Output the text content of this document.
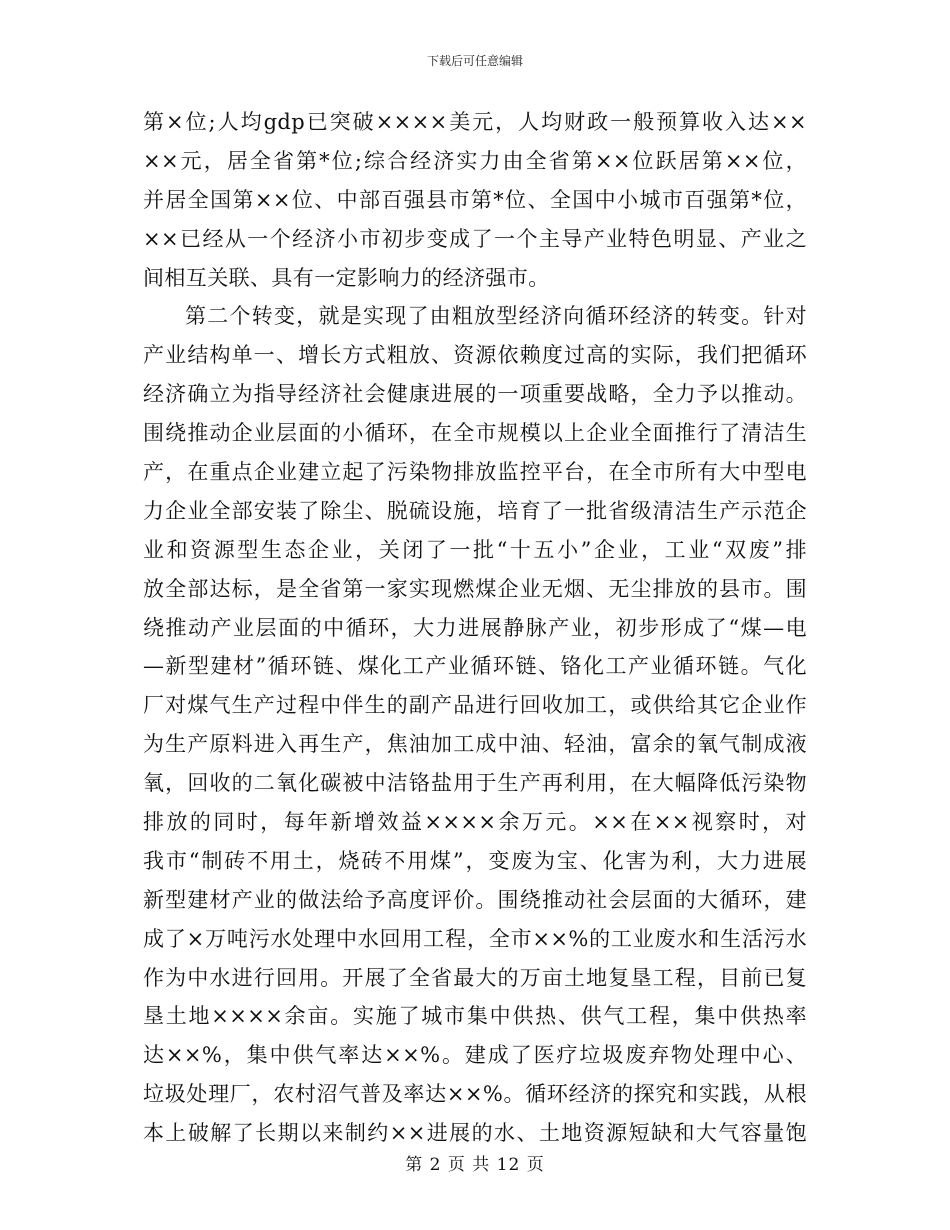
下载后可任意编辑
第×位;人均gdp已突破××××美元，人均财政一般预算收入达××
××元，居全省第*位;综合经济实力由全省第××位跃居第××位，
并居全国第××位、中部百强县市第*位、全国中小城市百强第*位，
××已经从一个经济小市初步变成了一个主导产业特色明显、产业之
间相互关联、具有一定影响力的经济强市。
第二个转变，就是实现了由粗放型经济向循环经济的转变。针对
产业结构单一、增长方式粗放、资源依赖度过高的实际，我们把循环
经济确立为指导经济社会健康进展的一项重要战略，全力予以推动。
围绕推动企业层面的小循环，在全市规模以上企业全面推行了清洁生
产，在重点企业建立起了污染物排放监控平台，在全市所有大中型电
力企业全部安装了除尘、脱硫设施，培育了一批省级清洁生产示范企
业和资源型生态企业，关闭了一批“十五小”企业，工业“双废”排
放全部达标，是全省第一家实现燃煤企业无烟、无尘排放的县市。围
绕推动产业层面的中循环，大力进展静脉产业，初步形成了“煤—电
—新型建材”循环链、煤化工产业循环链、铬化工产业循环链。气化
厂对煤气生产过程中伴生的副产品进行回收加工，或供给其它企业作
为生产原料进入再生产，焦油加工成中油、轻油，富余的氧气制成液
氧，回收的二氧化碳被中洁铬盐用于生产再利用，在大幅降低污染物
排放的同时，每年新增效益××××余万元。××在××视察时，对
我市“制砖不用土，烧砖不用煤”，变废为宝、化害为利，大力进展
新型建材产业的做法给予高度评价。围绕推动社会层面的大循环，建
成了×万吨污水处理中水回用工程，全市××%的工业废水和生活污水
作为中水进行回用。开展了全省最大的万亩土地复垦工程，目前已复
垦土地××××余亩。实施了城市集中供热、供气工程，集中供热率
达××%，集中供气率达××%。建成了医疗垃圾废弃物处理中心、
垃圾处理厂，农村沼气普及率达××%。循环经济的探究和实践，从根
本上破解了长期以来制约××进展的水、土地资源短缺和大气容量饱
第 2 页 共 12 页
